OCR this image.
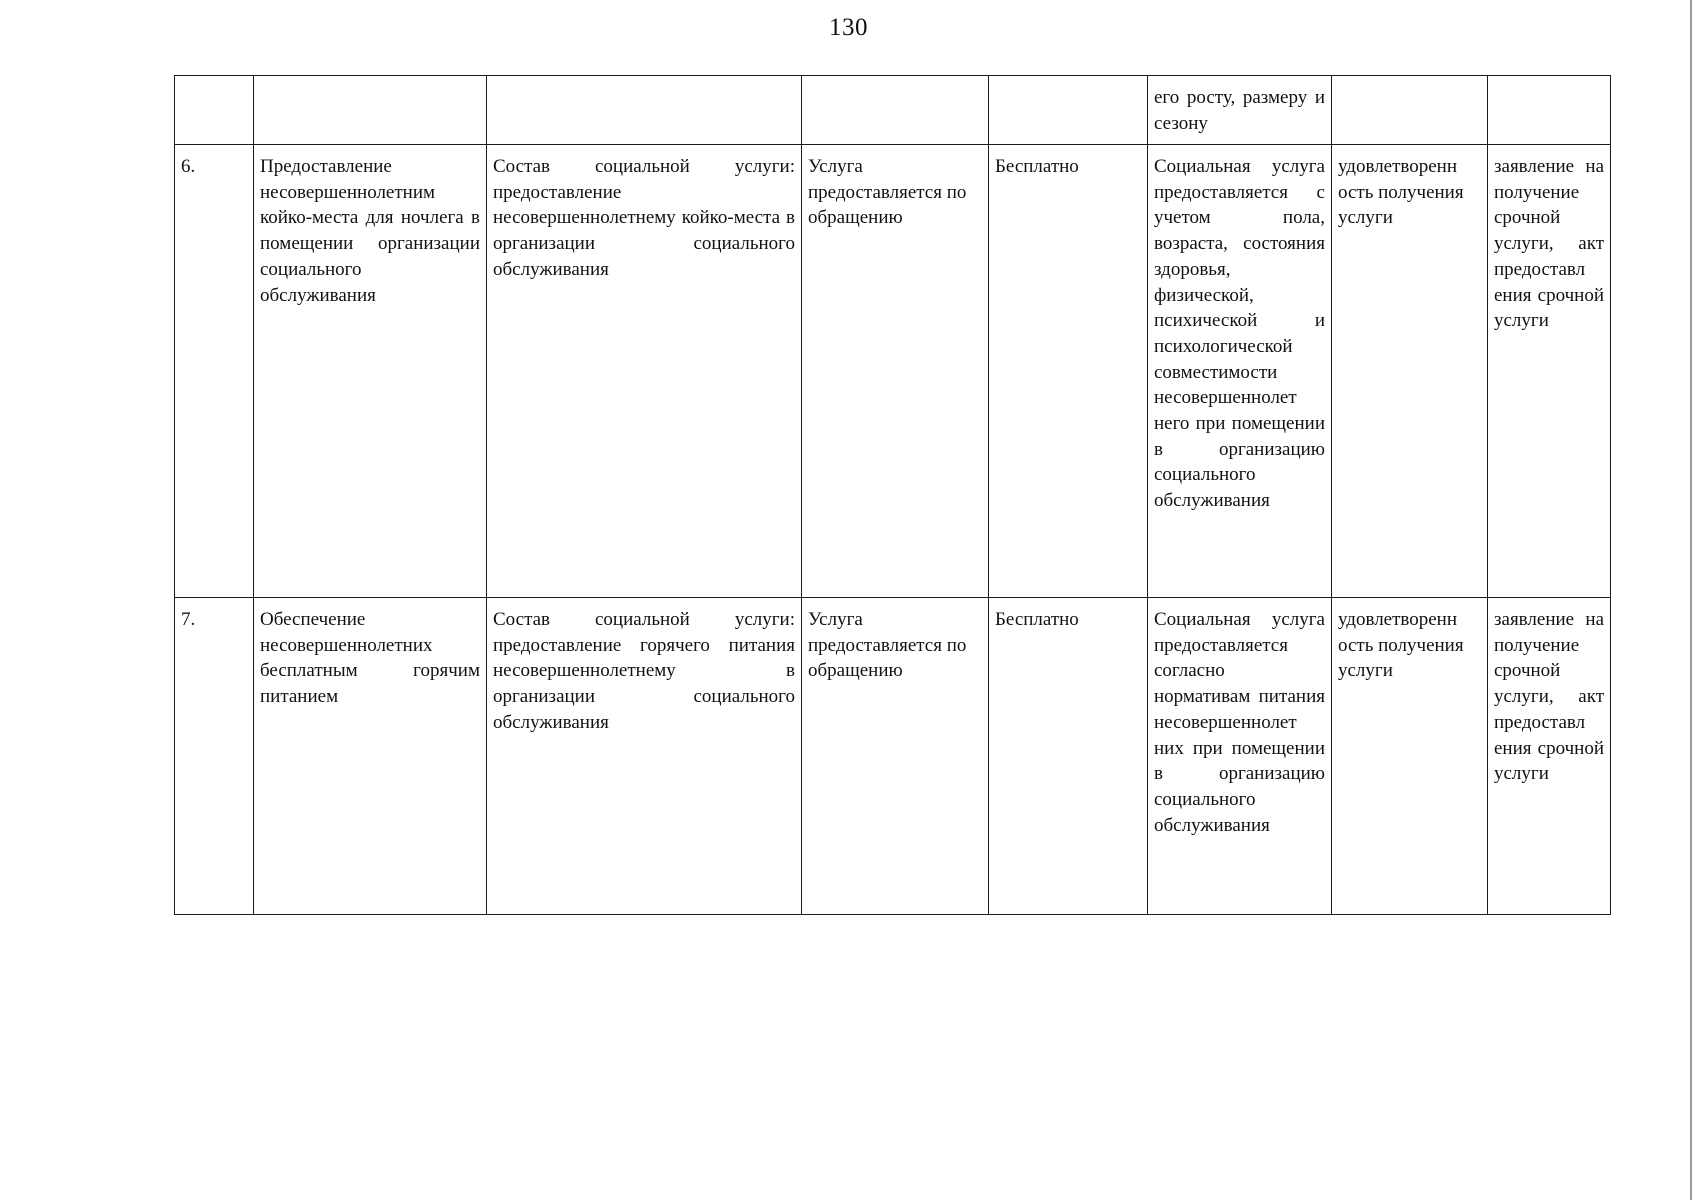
130
					его росту, размеру и сезону		
6.	Предоставление несовершеннолетним койко-места для ночлега в помещении организации социального обслуживания	Состав социальной услуги: предоставление несовершеннолетнему койко-места в организации социального обслуживания	Услуга предоставляется по обращению	Бесплатно	Социальная услуга предоставляется с учетом пола, возраста, состояния здоровья, физической, психической и психологической совместимости несовершеннолет него при помещении в организацию социального обслуживания	удовлетворенн ость получения услуги	заявление на получение срочной услуги, акт предоставл ения срочной услуги
7.	Обеспечение несовершеннолетних бесплатным горячим питанием	Состав социальной услуги: предоставление горячего питания несовершеннолетнему в организации социального обслуживания	Услуга предоставляется по обращению	Бесплатно	Социальная услуга предоставляется согласно нормативам питания несовершеннолет них при помещении в организацию социального обслуживания	удовлетворенн ость получения услуги	заявление на получение срочной услуги, акт предоставл ения срочной услуги
